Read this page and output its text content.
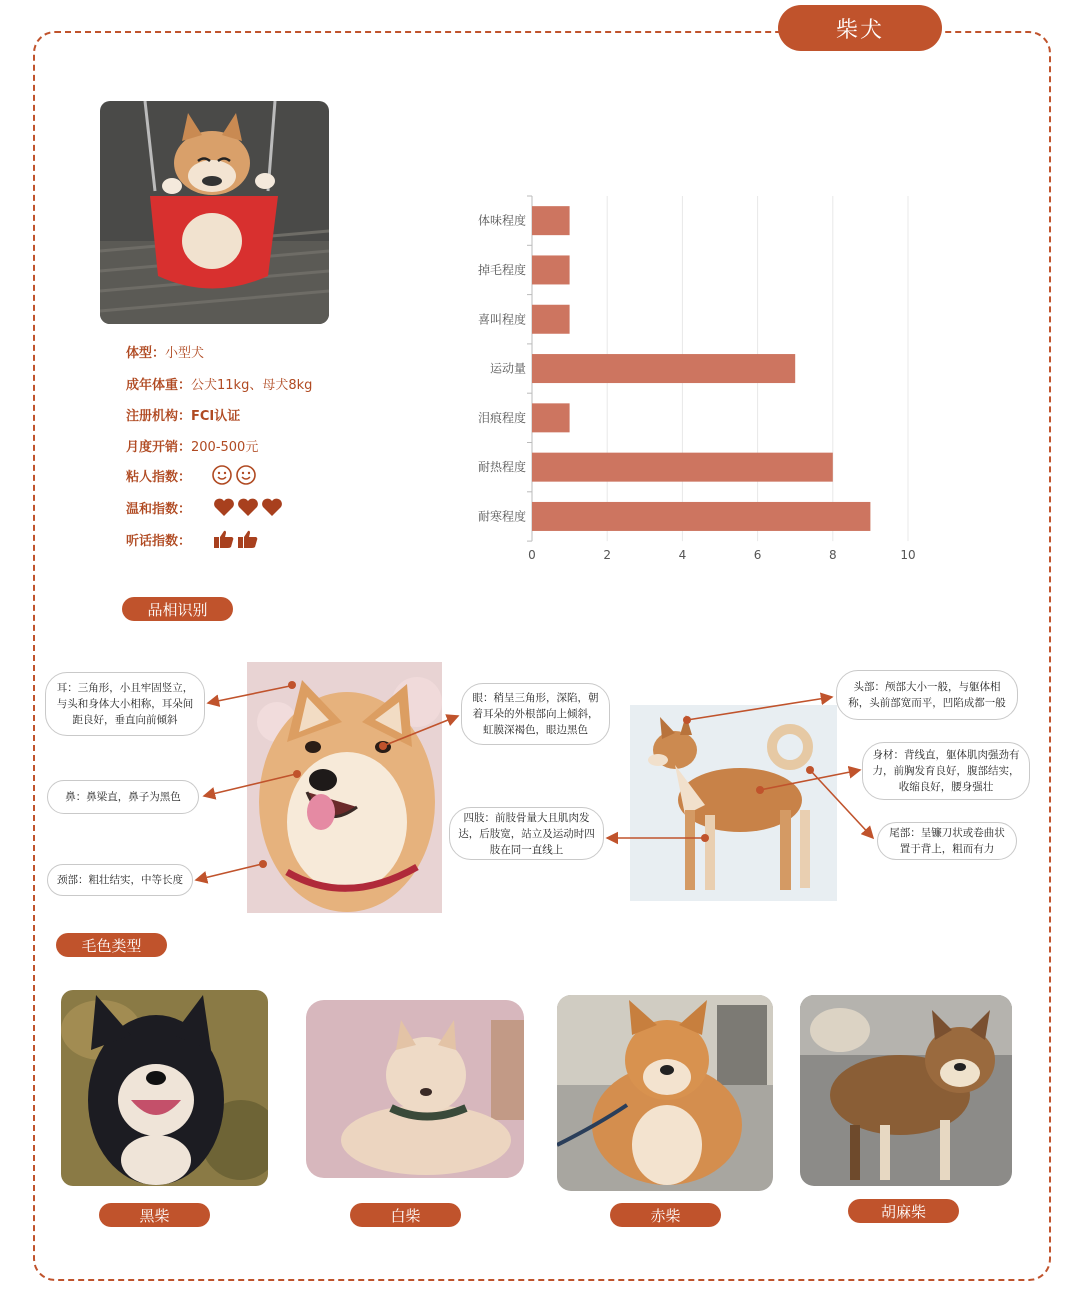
柴犬
体型： 小型犬
成年体重： 公犬11kg、母犬8kg
注册机构： FCI认证
月度开销： 200-500元
粘人指数：
温和指数：
听话指数：
0	2	4	6	8	10
体味程度
掉毛程度
喜叫程度
运动量
泪痕程度
耐热程度
耐寒程度
品相识别
毛色类型
耳：三角形，小且牢固竖立，与头和身体大小相称，耳朵间距良好，垂直向前倾斜
鼻：鼻梁直，鼻子为黑色
颈部：粗壮结实，中等长度
眼：稍呈三角形，深陷，朝着耳朵的外根部向上倾斜，虹膜深褐色，眼边黑色
四肢：前肢骨量大且肌肉发达，后肢宽，站立及运动时四肢在同一直线上
头部：颅部大小一般，与躯体相称，头前部宽而平，凹陷成都一般
身材：背线直，躯体肌肉强劲有力，前胸发育良好，腹部结实，收缩良好，腰身强壮
尾部：呈镰刀状或卷曲状置于背上，粗而有力
黑柴	白柴	赤柴	胡麻柴
